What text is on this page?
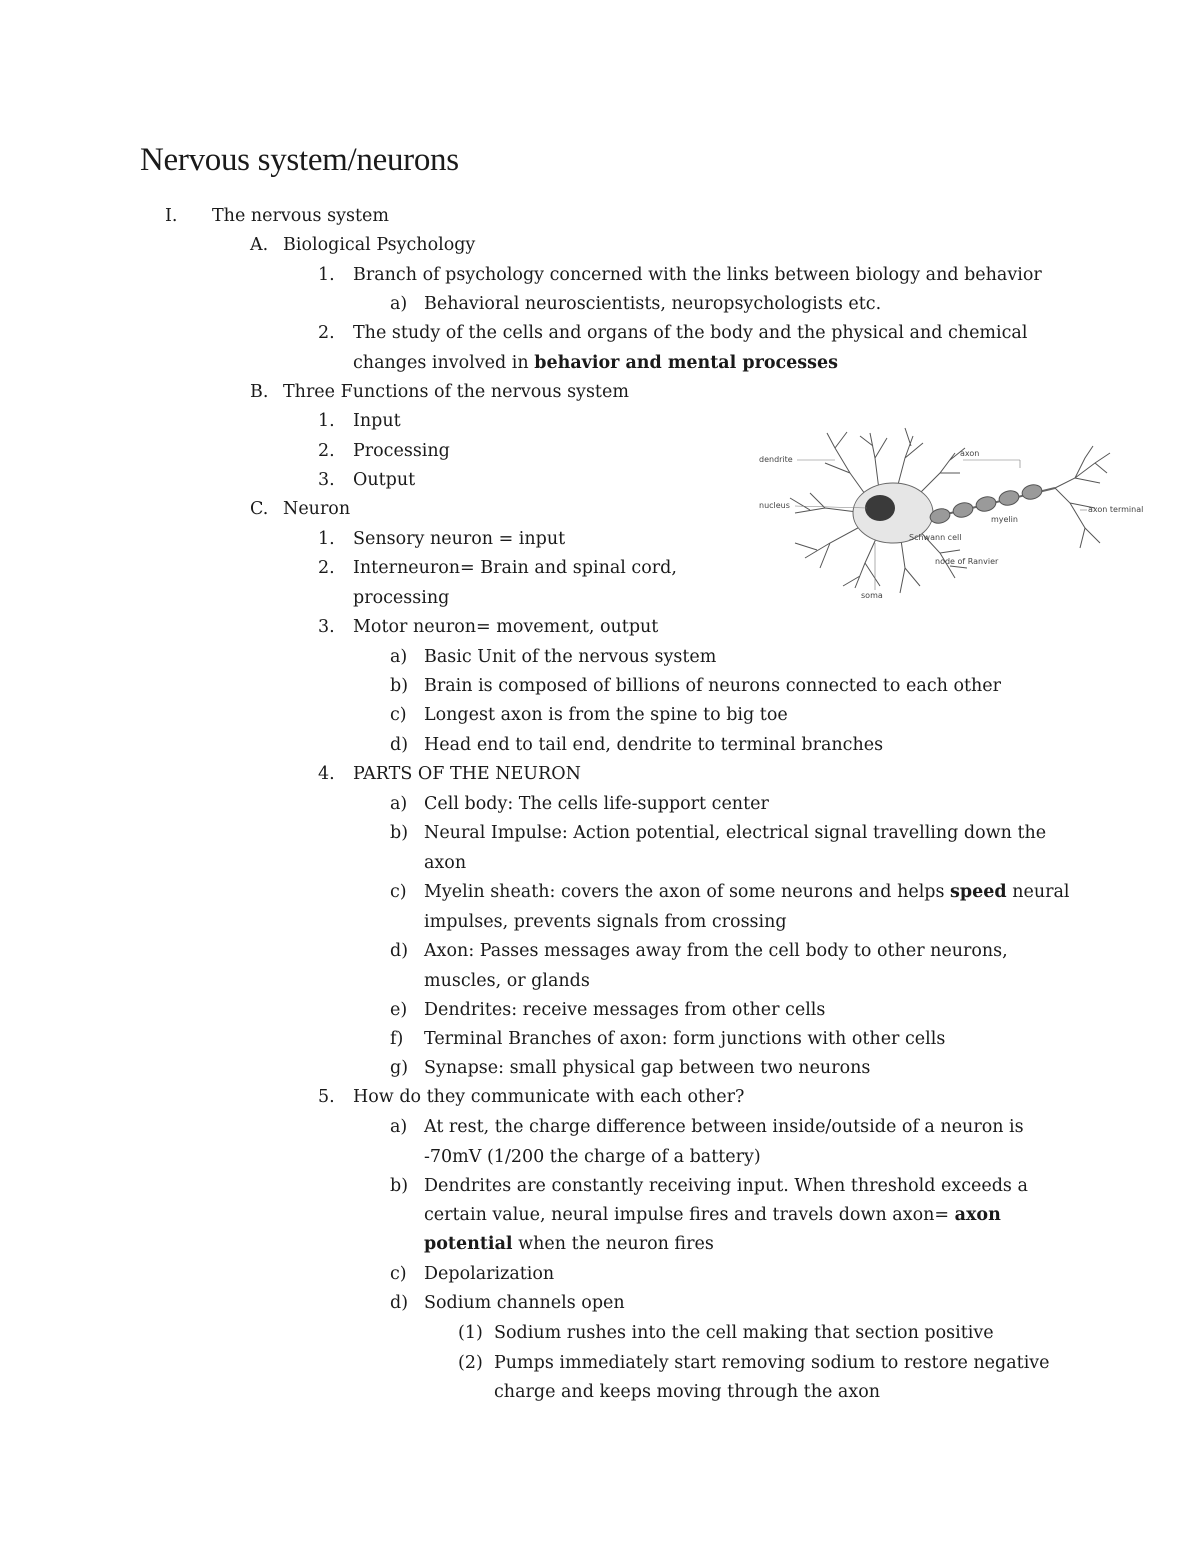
Nervous system/neurons
I. The nervous system
A. Biological Psychology
1. Branch of psychology concerned with the links between biology and behavior
a) Behavioral neuroscientists, neuropsychologists etc.
2. The study of the cells and organs of the body and the physical and chemical
changes involved in behavior and mental processes
B. Three Functions of the nervous system
1. Input
2. Processing
3. Output
C. Neuron
1. Sensory neuron = input
2. Interneuron= Brain and spinal cord,
processing
3. Motor neuron= movement, output
a) Basic Unit of the nervous system
b) Brain is composed of billions of neurons connected to each other
c) Longest axon is from the spine to big toe
d) Head end to tail end, dendrite to terminal branches
4. PARTS OF THE NEURON
a) Cell body: The cells life-support center
b) Neural Impulse: Action potential, electrical signal travelling down the
axon
c) Myelin sheath: covers the axon of some neurons and helps speed neural
impulses, prevents signals from crossing
d) Axon: Passes messages away from the cell body to other neurons,
muscles, or glands
e) Dendrites: receive messages from other cells
f) Terminal Branches of axon: form junctions with other cells
g) Synapse: small physical gap between two neurons
5. How do they communicate with each other?
a) At rest, the charge difference between inside/outside of a neuron is
-70mV (1/200 the charge of a battery)
b) Dendrites are constantly receiving input. When threshold exceeds a
certain value, neural impulse fires and travels down axon= axon
potential when the neuron fires
c) Depolarization
d) Sodium channels open
(1) Sodium rushes into the cell making that section positive
(2) Pumps immediately start removing sodium to restore negative
charge and keeps moving through the axon
dendrite
nucleus
axon
myelin
Schwann cell
node of Ranvier
soma
axon terminal
